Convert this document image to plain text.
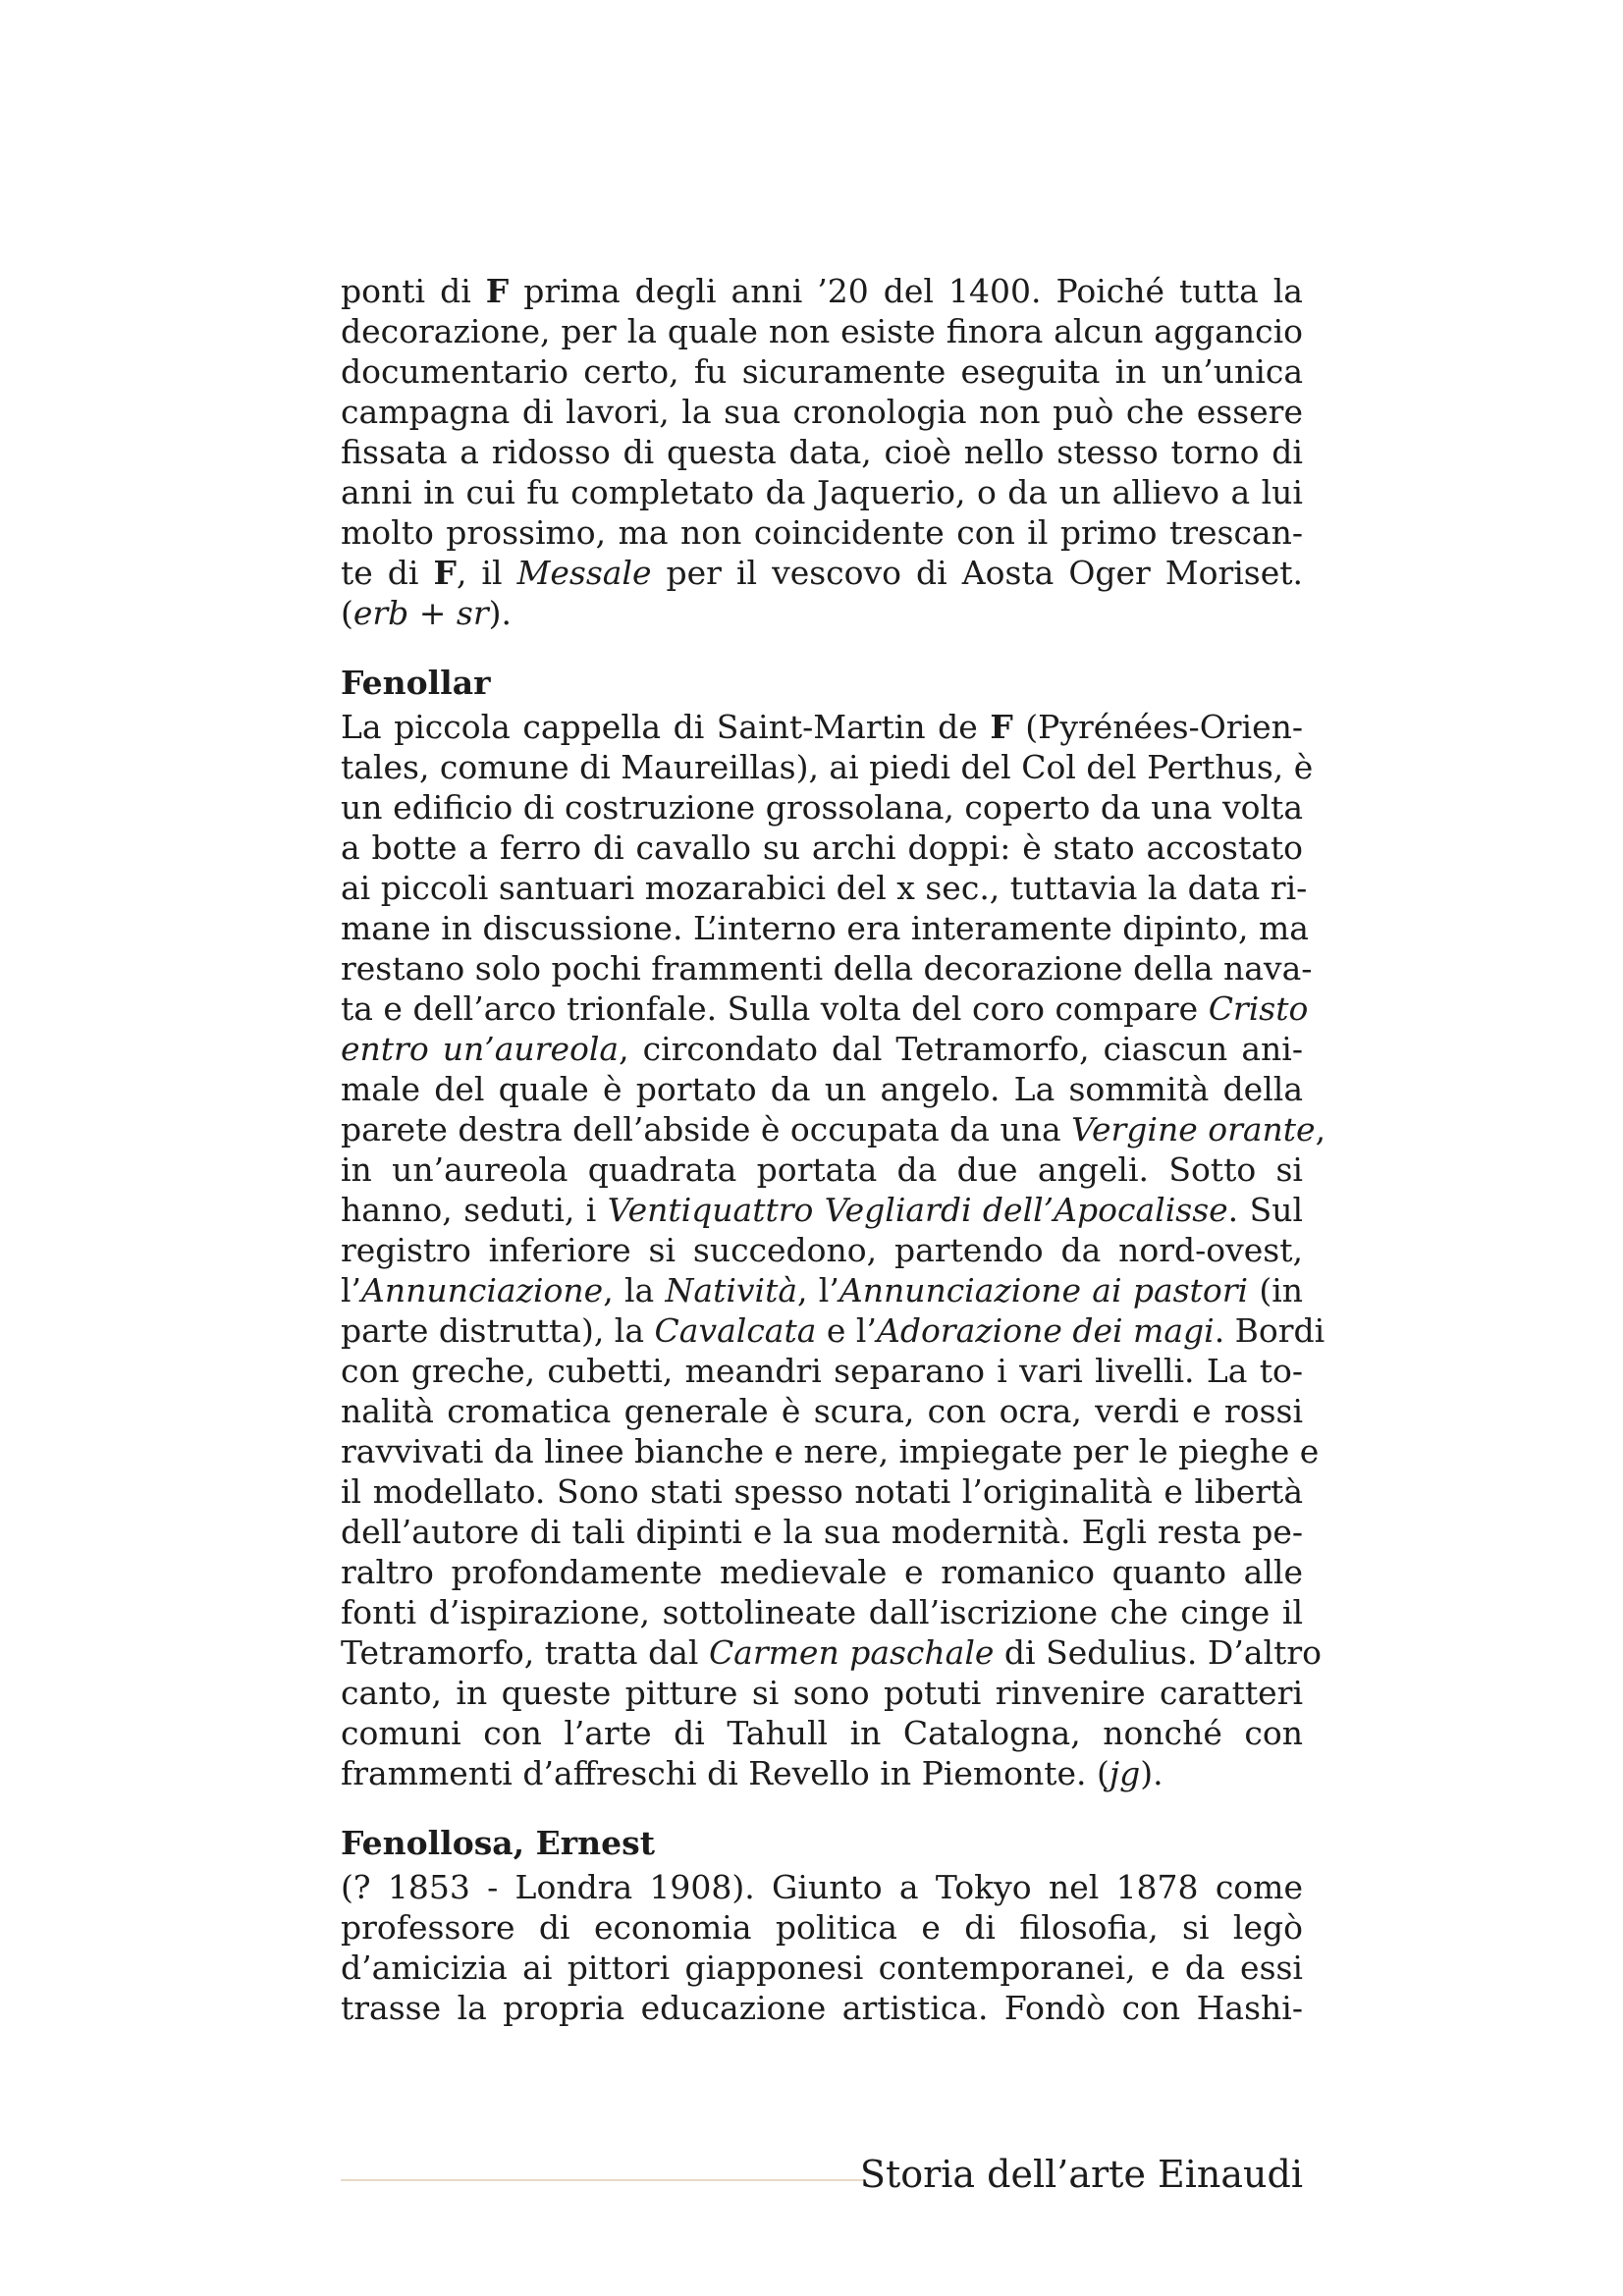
ponti di F prima degli anni ’20 del 1400. Poiché tutta la
decorazione, per la quale non esiste finora alcun aggancio
documentario certo, fu sicuramente eseguita in un’unica
campagna di lavori, la sua cronologia non può che essere
fissata a ridosso di questa data, cioè nello stesso torno di
anni in cui fu completato da Jaquerio, o da un allievo a lui
molto prossimo, ma non coincidente con il primo trescan-
te di F, il Messale per il vescovo di Aosta Oger Moriset.
(erb + sr).
Fenollar
La piccola cappella di Saint-Martin de F (Pyrénées-Orien-
tales, comune di Maureillas), ai piedi del Col del Perthus, è
un edificio di costruzione grossolana, coperto da una volta
a botte a ferro di cavallo su archi doppi: è stato accostato
ai piccoli santuari mozarabici del x sec., tuttavia la data ri-
mane in discussione. L’interno era interamente dipinto, ma
restano solo pochi frammenti della decorazione della nava-
ta e dell’arco trionfale. Sulla volta del coro compare Cristo
entro un’aureola, circondato dal Tetramorfo, ciascun ani-
male del quale è portato da un angelo. La sommità della
parete destra dell’abside è occupata da una Vergine orante,
in un’aureola quadrata portata da due angeli. Sotto si
hanno, seduti, i Ventiquattro Vegliardi dell’Apocalisse. Sul
registro inferiore si succedono, partendo da nord-ovest,
l’Annunciazione, la Natività, l’Annunciazione ai pastori (in
parte distrutta), la Cavalcata e l’Adorazione dei magi. Bordi
con greche, cubetti, meandri separano i vari livelli. La to-
nalità cromatica generale è scura, con ocra, verdi e rossi
ravvivati da linee bianche e nere, impiegate per le pieghe e
il modellato. Sono stati spesso notati l’originalità e libertà
dell’autore di tali dipinti e la sua modernità. Egli resta pe-
raltro profondamente medievale e romanico quanto alle
fonti d’ispirazione, sottolineate dall’iscrizione che cinge il
Tetramorfo, tratta dal Carmen paschale di Sedulius. D’altro
canto, in queste pitture si sono potuti rinvenire caratteri
comuni con l’arte di Tahull in Catalogna, nonché con
frammenti d’affreschi di Revello in Piemonte. (jg).
Fenollosa, Ernest
(? 1853 - Londra 1908). Giunto a Tokyo nel 1878 come
professore di economia politica e di filosofia, si legò
d’amicizia ai pittori giapponesi contemporanei, e da essi
trasse la propria educazione artistica. Fondò con Hashi-
Storia dell’arte Einaudi
